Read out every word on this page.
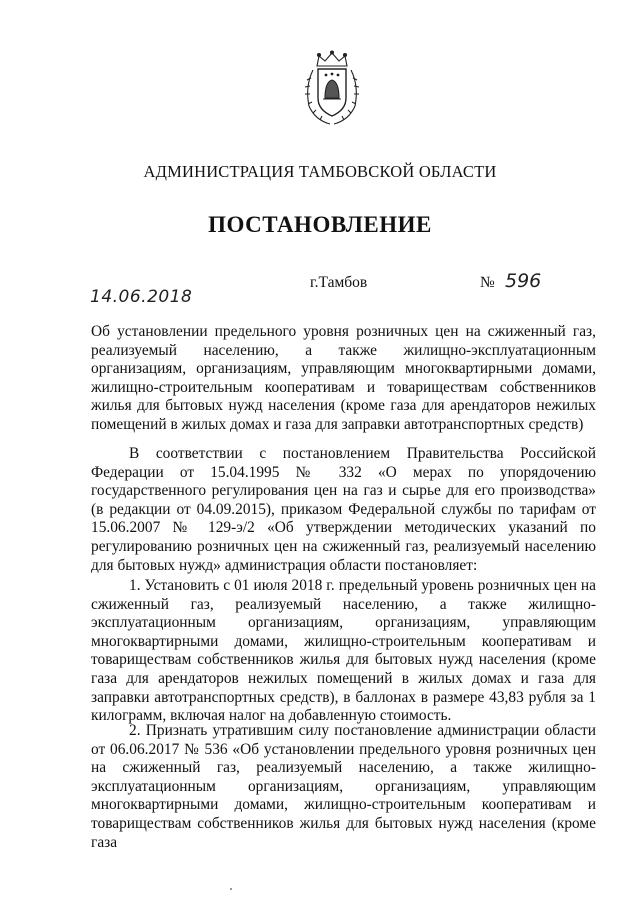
АДМИНИСТРАЦИЯ ТАМБОВСКОЙ ОБЛАСТИ
ПОСТАНОВЛЕНИЕ
14.06.2018
г.Тамбов	№ 596
Об установлении предельного уровня розничных цен на сжиженный газ, реализуемый населению, а также жилищно-эксплуатационным организациям, организациям, управляющим многоквартирными домами, жилищно-строительным кооперативам и товариществам собственников жилья для бытовых нужд населения (кроме газа для арендаторов нежилых помещений в жилых домах и газа для заправки автотранспортных средств)
В соответствии с постановлением Правительства Российской Федерации от 15.04.1995 № 332 «О мерах по упорядочению государственного регулирования цен на газ и сырье для его производства» (в редакции от 04.09.2015), приказом Федеральной службы по тарифам от 15.06.2007 № 129-э/2 «Об утверждении методических указаний по регулированию розничных цен на сжиженный газ, реализуемый населению для бытовых нужд» администрация области постановляет:
1. Установить с 01 июля 2018 г. предельный уровень розничных цен на сжиженный газ, реализуемый населению, а также жилищно-эксплуатационным организациям, организациям, управляющим многоквартирными домами, жилищно-строительным кооперативам и товариществам собственников жилья для бытовых нужд населения (кроме газа для арендаторов нежилых помещений в жилых домах и газа для заправки автотранспортных средств), в баллонах в размере 43,83 рубля за 1 килограмм, включая налог на добавленную стоимость.
2. Признать утратившим силу постановление администрации области от 06.06.2017 № 536 «Об установлении предельного уровня розничных цен на сжиженный газ, реализуемый населению, а также жилищно-эксплуатационным организациям, организациям, управляющим многоквартирными домами, жилищно-строительным кооперативам и товариществам собственников жилья для бытовых нужд населения (кроме газа
